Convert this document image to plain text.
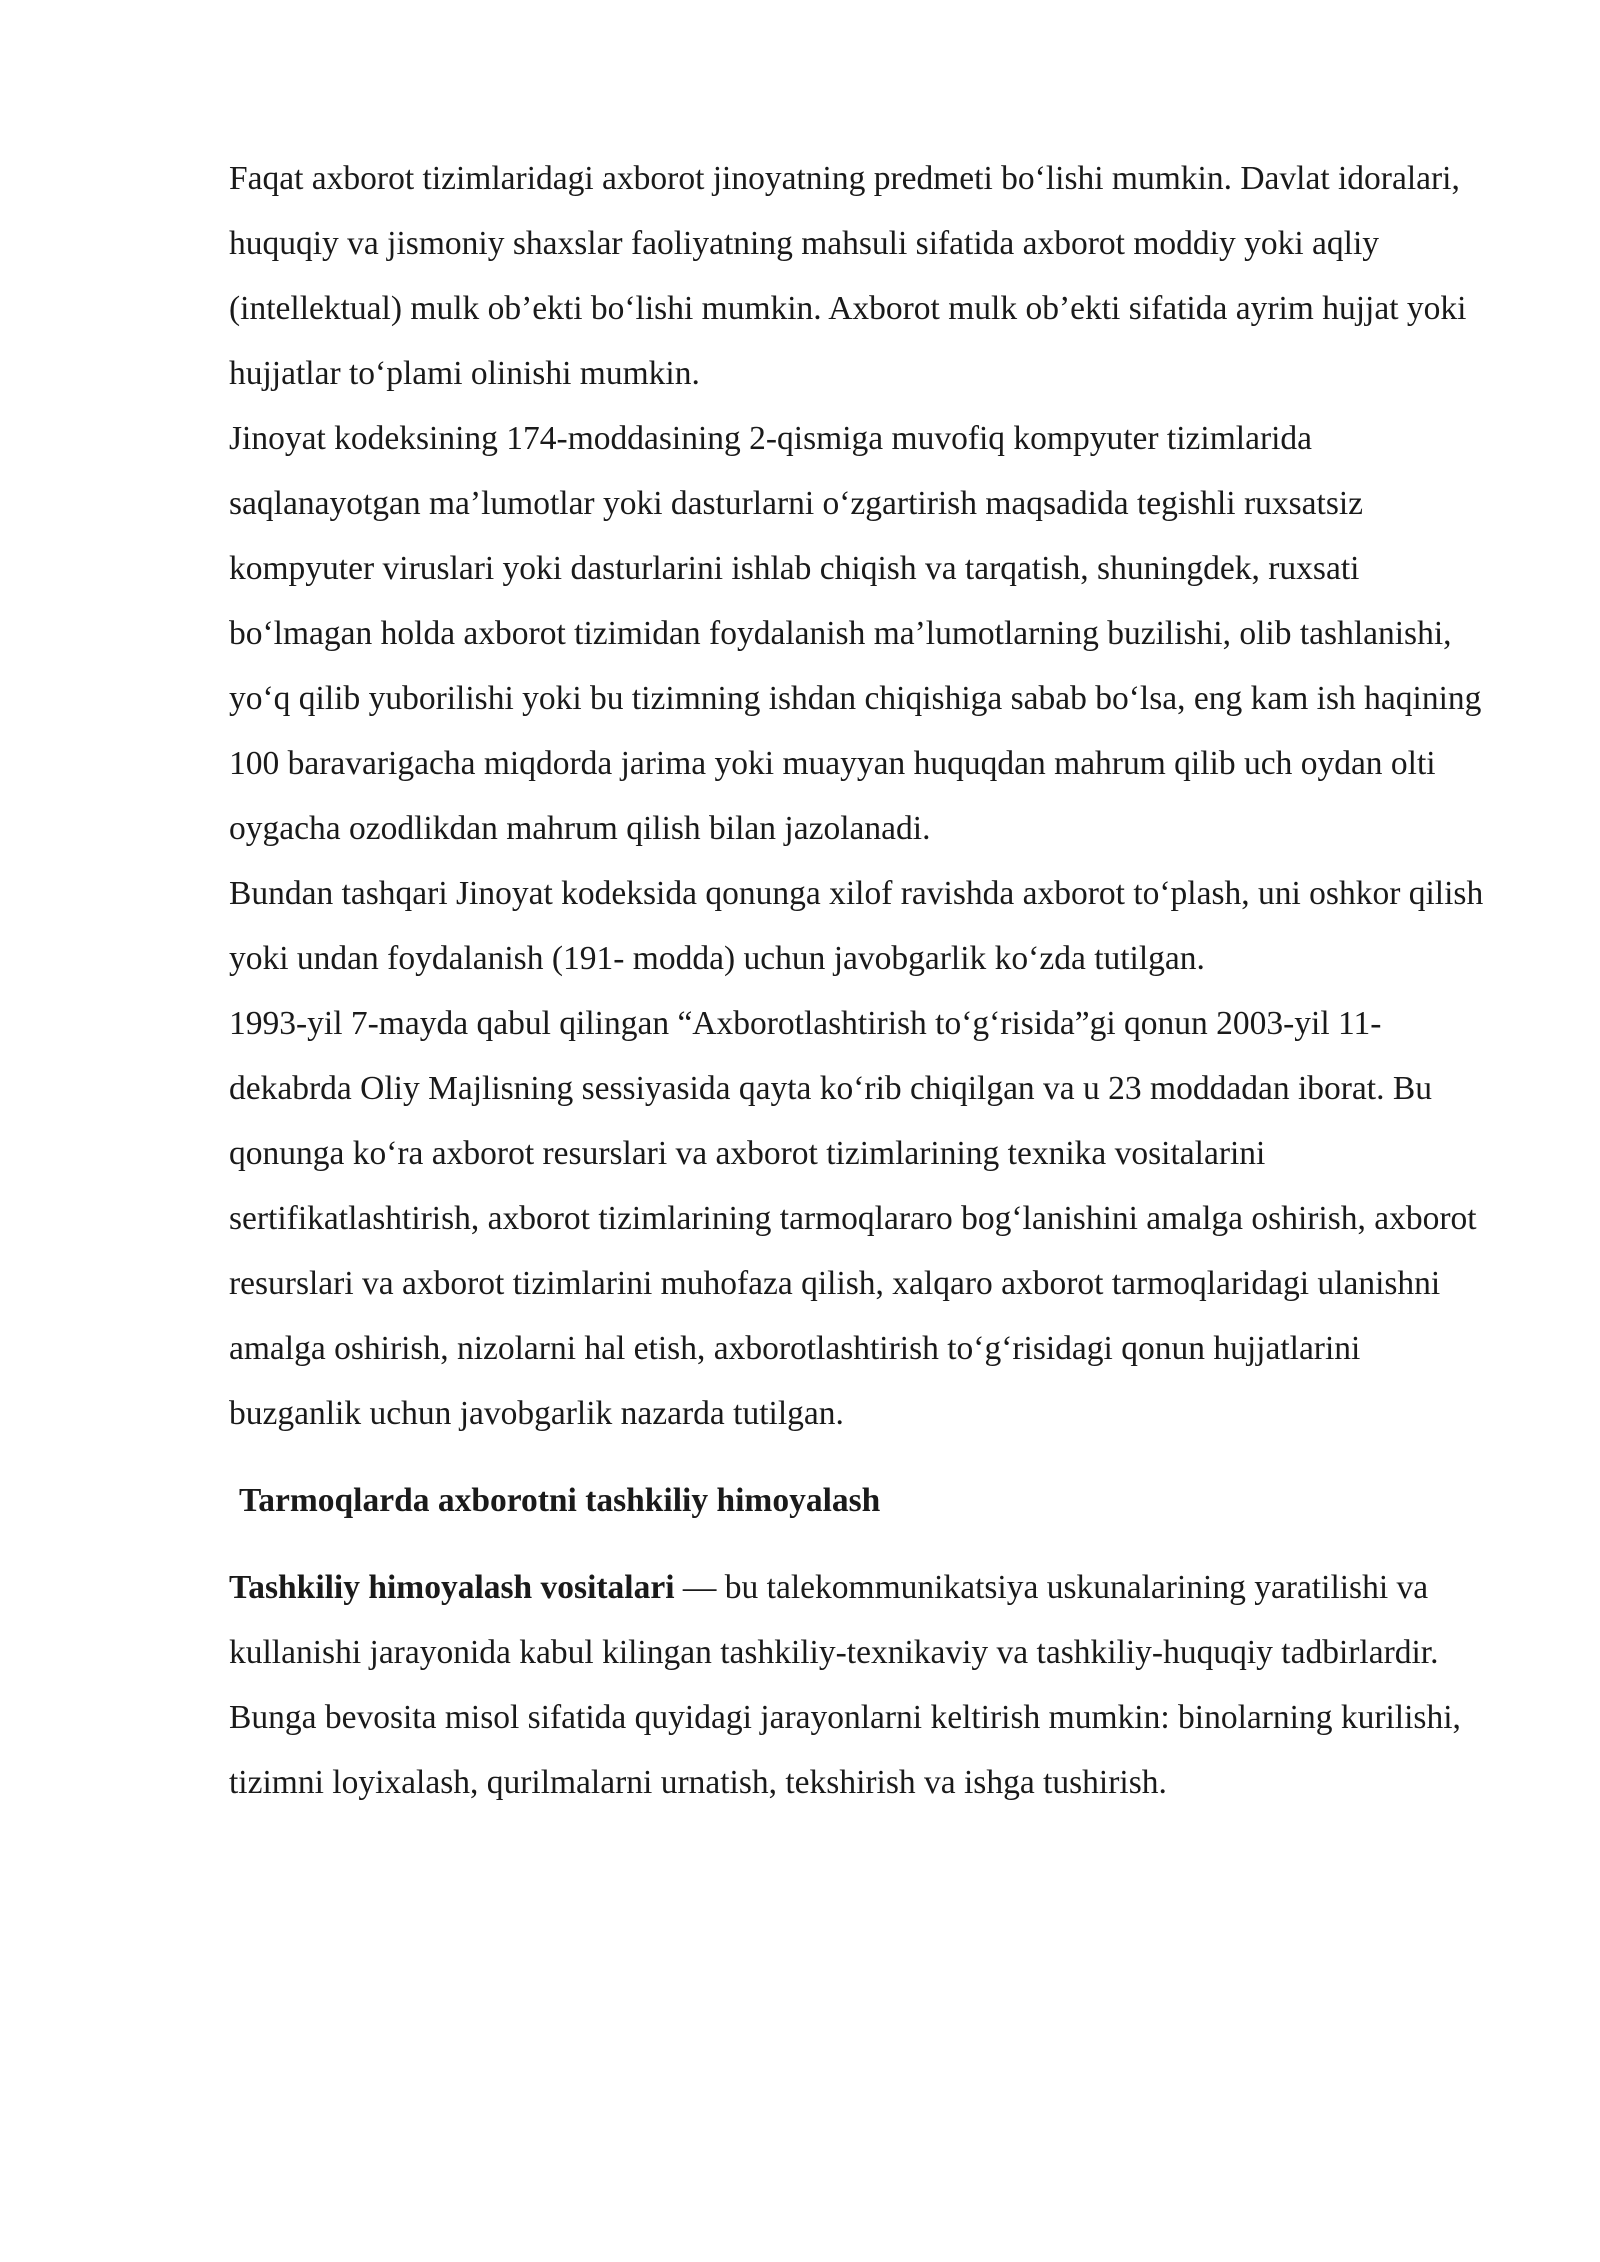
Faqat axborot tizimlaridagi axborot jinoyatning predmeti bo‘lishi mumkin. Davlat idoralari, huquqiy va jismoniy shaxslar faoliyatning mahsuli sifatida axborot moddiy yoki aqliy (intellektual) mulk ob’ekti bo‘lishi mumkin. Axborot mulk ob’ekti sifatida ayrim hujjat yoki hujjatlar to‘plami olinishi mumkin.

Jinoyat kodeksining 174-moddasining 2-qismiga muvofiq kompyuter tizimlarida saqlanayotgan ma’lumotlar yoki dasturlarni o‘zgartirish maqsadida tegishli ruxsatsiz kompyuter viruslari yoki dasturlarini ishlab chiqish va tarqatish, shuningdek, ruxsati bo‘lmagan holda axborot tizimidan foydalanish ma’lumotlarning buzilishi, olib tashlanishi, yo‘q qilib yuborilishi yoki bu tizimning ishdan chiqishiga sabab bo‘lsa, eng kam ish haqining 100 baravarigacha miqdorda jarima yoki muayyan huquqdan mahrum qilib uch oydan olti oygacha ozodlikdan mahrum qilish bilan jazolanadi.

Bundan tashqari Jinoyat kodeksida qonunga xilof ravishda axborot to‘plash, uni oshkor qilish yoki undan foydalanish (191- modda) uchun javobgarlik ko‘zda tutilgan.

1993-yil 7-mayda qabul qilingan “Axborotlashtirish to‘g‘risida”gi qonun 2003-yil 11-dekabrda Oliy Majlisning sessiyasida qayta ko‘rib chiqilgan va u 23 moddadan iborat. Bu qonunga ko‘ra axborot resurslari va axborot tizimlarining texnika vositalarini sertifikatlashtirish, axborot tizimlarining tarmoqlararo bog‘lanishini amalga oshirish, axborot resurslari va axborot tizimlarini muhofaza qilish, xalqaro axborot tarmoqlaridagi ulanishni amalga oshirish, nizolarni hal etish, axborotlashtirish to‘g‘risidagi qonun hujjatlarini buzganlik uchun javobgarlik nazarda tutilgan.

Tarmoqlarda axborotni tashkiliy himoyalash

Tashkiliy himoyalash vositalari — bu talekommunikatsiya uskunalarining yaratilishi va kullanishi jarayonida kabul kilingan tashkiliy-texnikaviy va tashkiliy-huquqiy tadbirlardir. Bunga bevosita misol sifatida quyidagi jarayonlarni keltirish mumkin: binolarning kurilishi, tizimni loyixalash, qurilmalarni urnatish, tekshirish va ishga tushirish.
